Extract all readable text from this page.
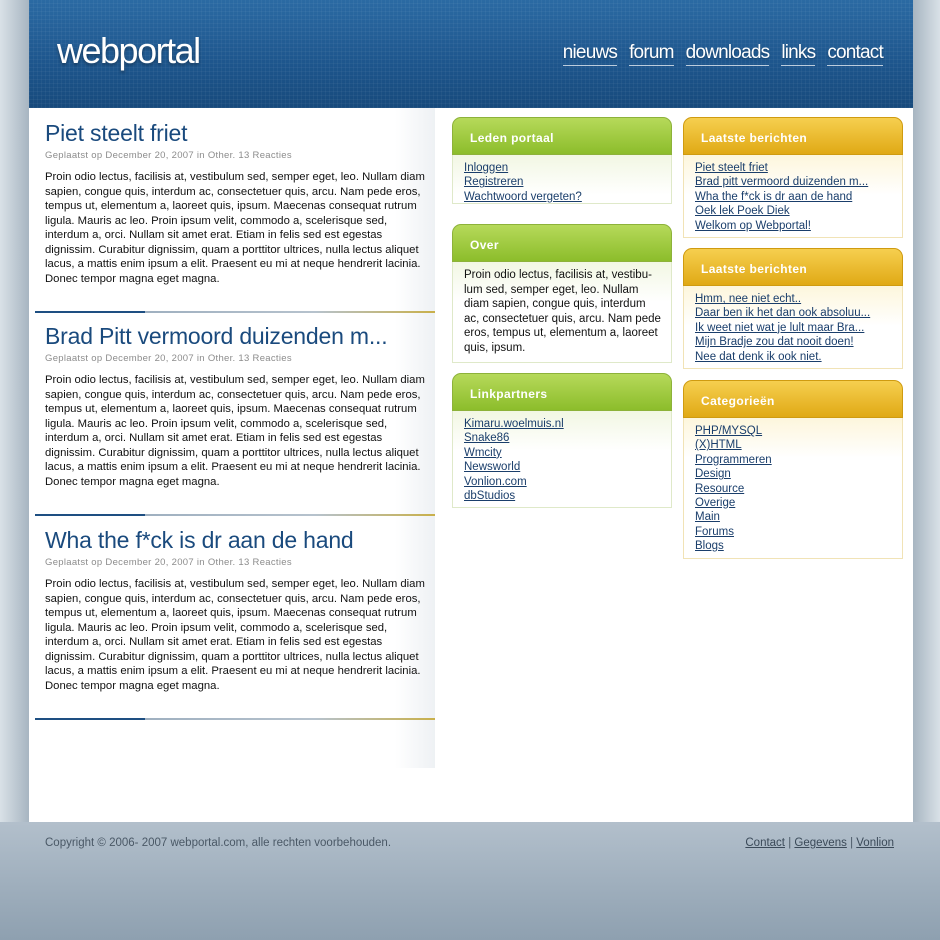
webportal	nieuws forum downloads links contact
Piet steelt friet
Geplaatst op December 20, 2007 in Other. 13 Reacties
Proin odio lectus, facilisis at, vestibulum sed, semper eget, leo. Nullam diam sapien, congue quis, interdum ac, consectetuer quis, arcu. Nam pede eros, tempus ut, elementum a, laoreet quis, ipsum. Maecenas consequat rutrum ligula. Mauris ac leo. Proin ipsum velit, commodo a, scelerisque sed, interdum a, orci. Nullam sit amet erat. Etiam in felis sed est egestas dignissim. Curabitur dignissim, quam a porttitor ultrices, nulla lectus aliquet lacus, a mattis enim ipsum a elit. Praesent eu mi at neque hendrerit lacinia. Donec tempor magna eget magna.
Brad Pitt vermoord duizenden m...
Geplaatst op December 20, 2007 in Other. 13 Reacties
Proin odio lectus, facilisis at, vestibulum sed, semper eget, leo. Nullam diam sapien, congue quis, interdum ac, consectetuer quis, arcu. Nam pede eros, tempus ut, elementum a, laoreet quis, ipsum. Maecenas consequat rutrum ligula. Mauris ac leo. Proin ipsum velit, commodo a, scelerisque sed, interdum a, orci. Nullam sit amet erat. Etiam in felis sed est egestas dignissim. Curabitur dignissim, quam a porttitor ultrices, nulla lectus aliquet lacus, a mattis enim ipsum a elit. Praesent eu mi at neque hendrerit lacinia. Donec tempor magna eget magna.
Wha the f*ck is dr aan de hand
Geplaatst op December 20, 2007 in Other. 13 Reacties
Proin odio lectus, facilisis at, vestibulum sed, semper eget, leo. Nullam diam sapien, congue quis, interdum ac, consectetuer quis, arcu. Nam pede eros, tempus ut, elementum a, laoreet quis, ipsum. Maecenas consequat rutrum ligula. Mauris ac leo. Proin ipsum velit, commodo a, scelerisque sed, interdum a, orci. Nullam sit amet erat. Etiam in felis sed est egestas dignissim. Curabitur dignissim, quam a porttitor ultrices, nulla lectus aliquet lacus, a mattis enim ipsum a elit. Praesent eu mi at neque hendrerit lacinia. Donec tempor magna eget magna.
Leden portaal
Inloggen
Registreren
Wachtwoord vergeten?
Over
Proin odio lectus, facilisis at, vestibu- lum sed, semper eget, leo. Nullam diam sapien, congue quis, interdum ac, consectetuer quis, arcu. Nam pede eros, tempus ut, elementum a, laoreet quis, ipsum.
Linkpartners
Kimaru.woelmuis.nl
Snake86
Wmcity
Newsworld
Vonlion.com
dbStudios
Laatste berichten
Piet steelt friet
Brad pitt vermoord duizenden m...
Wha the f*ck is dr aan de hand
Oek lek Poek Diek
Welkom op Webportal!
Laatste berichten
Hmm, nee niet echt..
Daar ben ik het dan ook absoluu...
Ik weet niet wat je lult maar Bra...
Mijn Bradje zou dat nooit doen!
Nee dat denk ik ook niet.
Categorieën
PHP/MYSQL
(X)HTML
Programmeren
Design
Resource
Overige
Main
Forums
Blogs
Copyright © 2006- 2007 webportal.com, alle rechten voorbehouden.	Contact | Gegevens | Vonlion
